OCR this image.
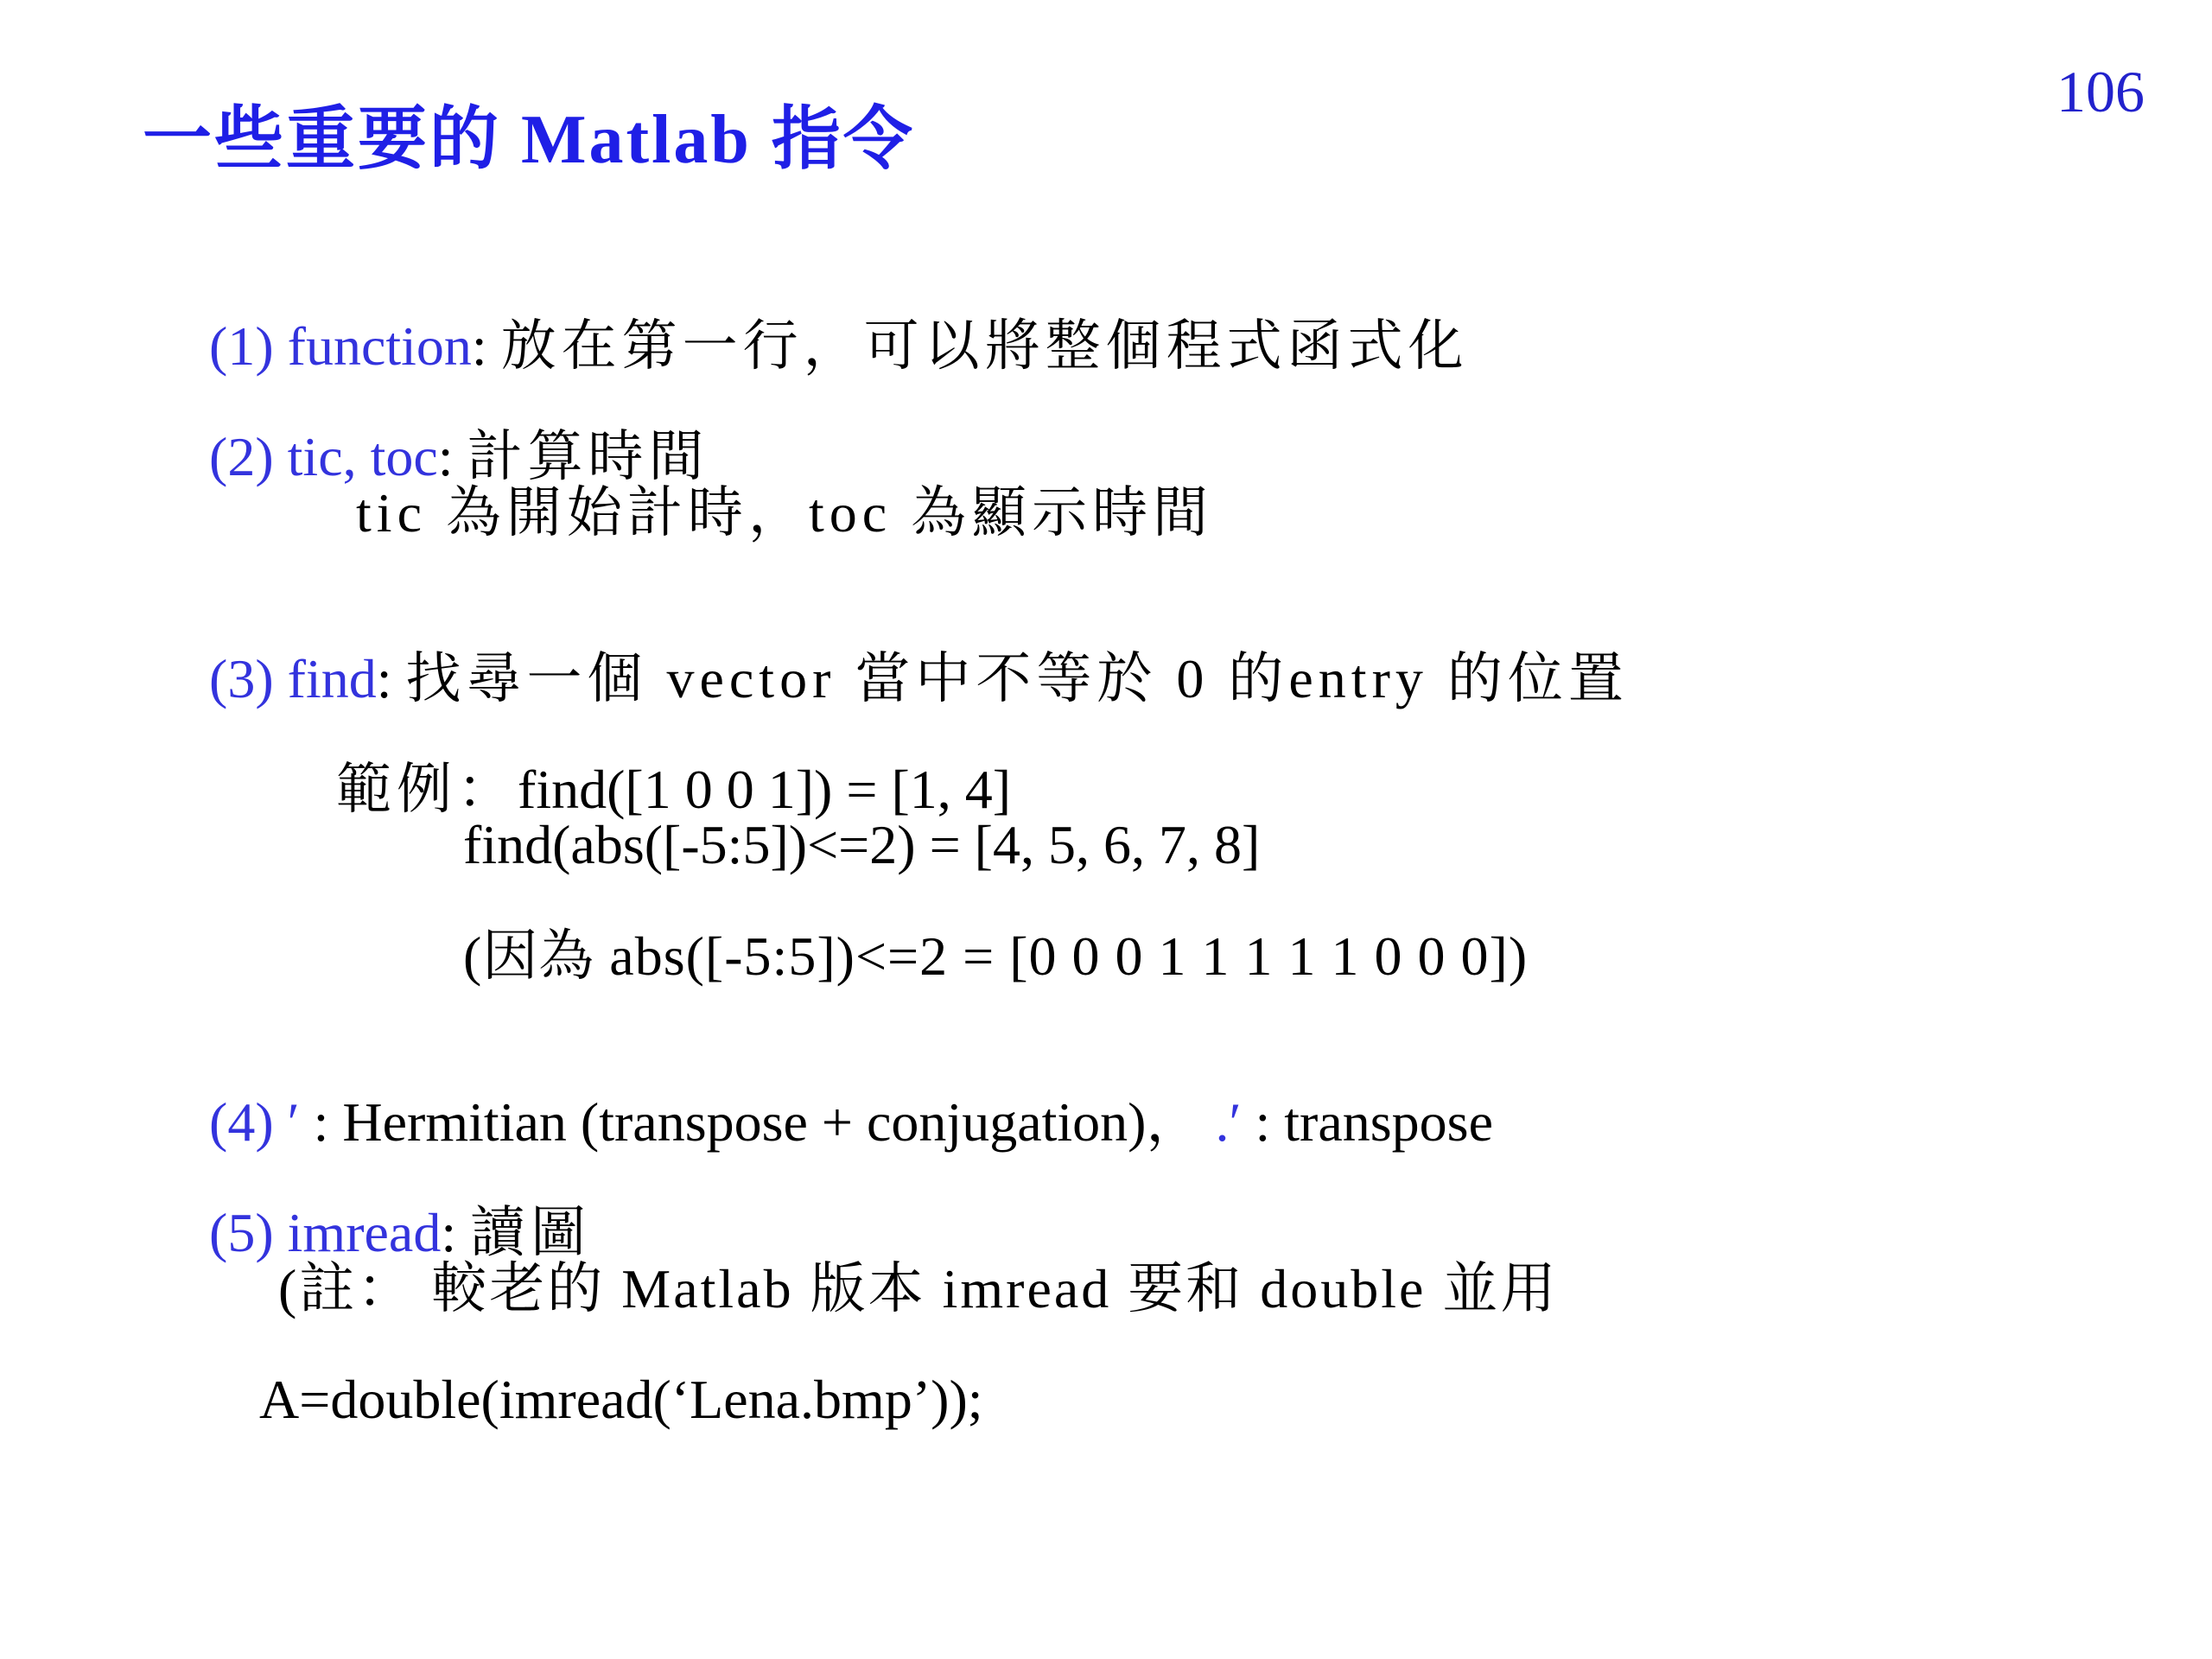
106
一些重要的 Matlab 指令

(1) function: 放在第一行，可以將整個程式函式化

(2) tic, toc: 計算時間

tic 為開始計時，toc 為顯示時間

(3) find: 找尋一個 vector 當中不等於 0 的entry 的位置

範例：find([1 0 0 1]) = [1, 4]

find(abs([-5:5])<=2) = [4, 5, 6, 7, 8]
(因為 abs([-5:5])<=2 = [0 0 0 1 1 1 1 1 0 0 0])

(4) ′ : Hermitian (transpose + conjugation)， .′ : transpose

(5) imread: 讀圖

(註： 較老的 Matlab 版本 imread 要和 double 並用
A=double(imread(‘Lena.bmp’));
